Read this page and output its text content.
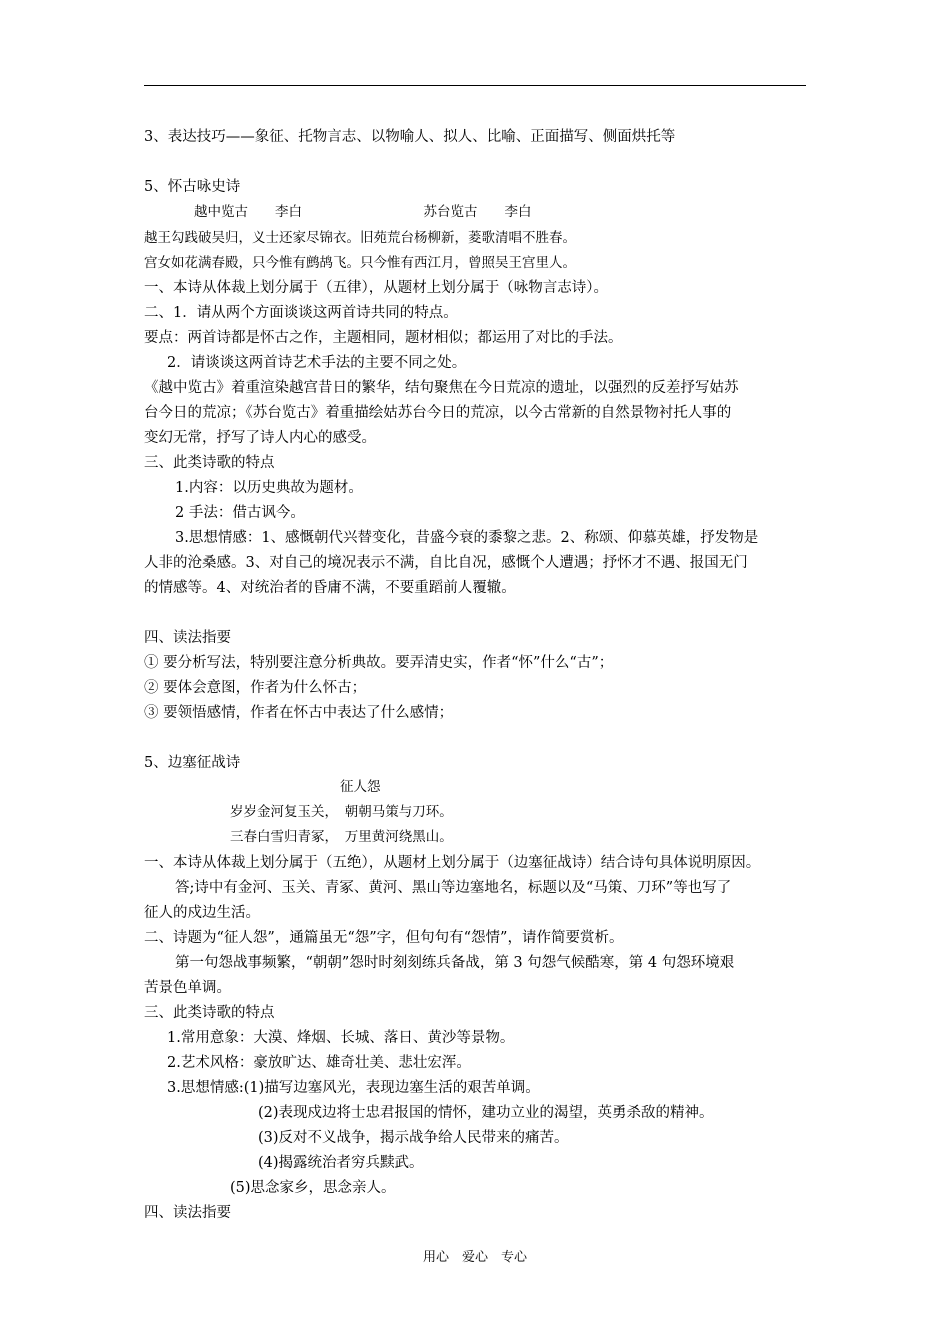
3、表达技巧——象征、托物言志、以物喻人、拟人、比喻、正面描写、侧面烘托等
5、怀古咏史诗
越中览古　　李白　　　　　　　　　苏台览古　　李白
越王勾践破吴归，义士还家尽锦衣。旧苑荒台杨柳新，菱歌清唱不胜春。
宫女如花满春殿，只今惟有鹧鸪飞。只今惟有西江月，曾照吴王宫里人。
一、本诗从体裁上划分属于（五律），从题材上划分属于（咏物言志诗）。
二、1．请从两个方面谈谈这两首诗共同的特点。
要点：两首诗都是怀古之作，主题相同，题材相似；都运用了对比的手法。
2．请谈谈这两首诗艺术手法的主要不同之处。
《越中览古》着重渲染越宫昔日的繁华，结句聚焦在今日荒凉的遗址，以强烈的反差抒写姑苏
台今日的荒凉；《苏台览古》着重描绘姑苏台今日的荒凉，以今古常新的自然景物衬托人事的
变幻无常，抒写了诗人内心的感受。
三、此类诗歌的特点
1.内容：以历史典故为题材。
2 手法：借古讽今。
3.思想情感：1、感慨朝代兴替变化，昔盛今衰的黍黎之悲。2、称颂、仰慕英雄，抒发物是
人非的沧桑感。3、对自己的境况表示不满，自比自况，感慨个人遭遇；抒怀才不遇、报国无门
的情感等。4、对统治者的昏庸不满，不要重蹈前人覆辙。
四、读法指要
① 要分析写法，特别要注意分析典故。要弄清史实，作者“怀”什么“古”；
② 要体会意图，作者为什么怀古；
③ 要领悟感情，作者在怀古中表达了什么感情；
5、边塞征战诗
征人怨
岁岁金河复玉关，　朝朝马策与刀环。
三春白雪归青冢，　万里黄河绕黑山。
一、本诗从体裁上划分属于（五绝），从题材上划分属于（边塞征战诗）结合诗句具体说明原因。
答;诗中有金河、玉关、青冢、黄河、黑山等边塞地名，标题以及“马策、刀环”等也写了
征人的戍边生活。
二、诗题为“征人怨”，通篇虽无“怨”字，但句句有“怨情”，请作简要赏析。
第一句怨战事频繁，“朝朝”怨时时刻刻练兵备战，第 3 句怨气候酷寒，第 4 句怨环境艰
苦景色单调。
三、此类诗歌的特点
1.常用意象：大漠、烽烟、长城、落日、黄沙等景物。
2.艺术风格：豪放旷达、雄奇壮美、悲壮宏浑。
3.思想情感:(1)描写边塞风光，表现边塞生活的艰苦单调。
(2)表现戍边将士忠君报国的情怀，建功立业的渴望，英勇杀敌的精神。
(3)反对不义战争，揭示战争给人民带来的痛苦。
(4)揭露统治者穷兵黩武。
(5)思念家乡，思念亲人。
四、读法指要
用心　爱心　专心
